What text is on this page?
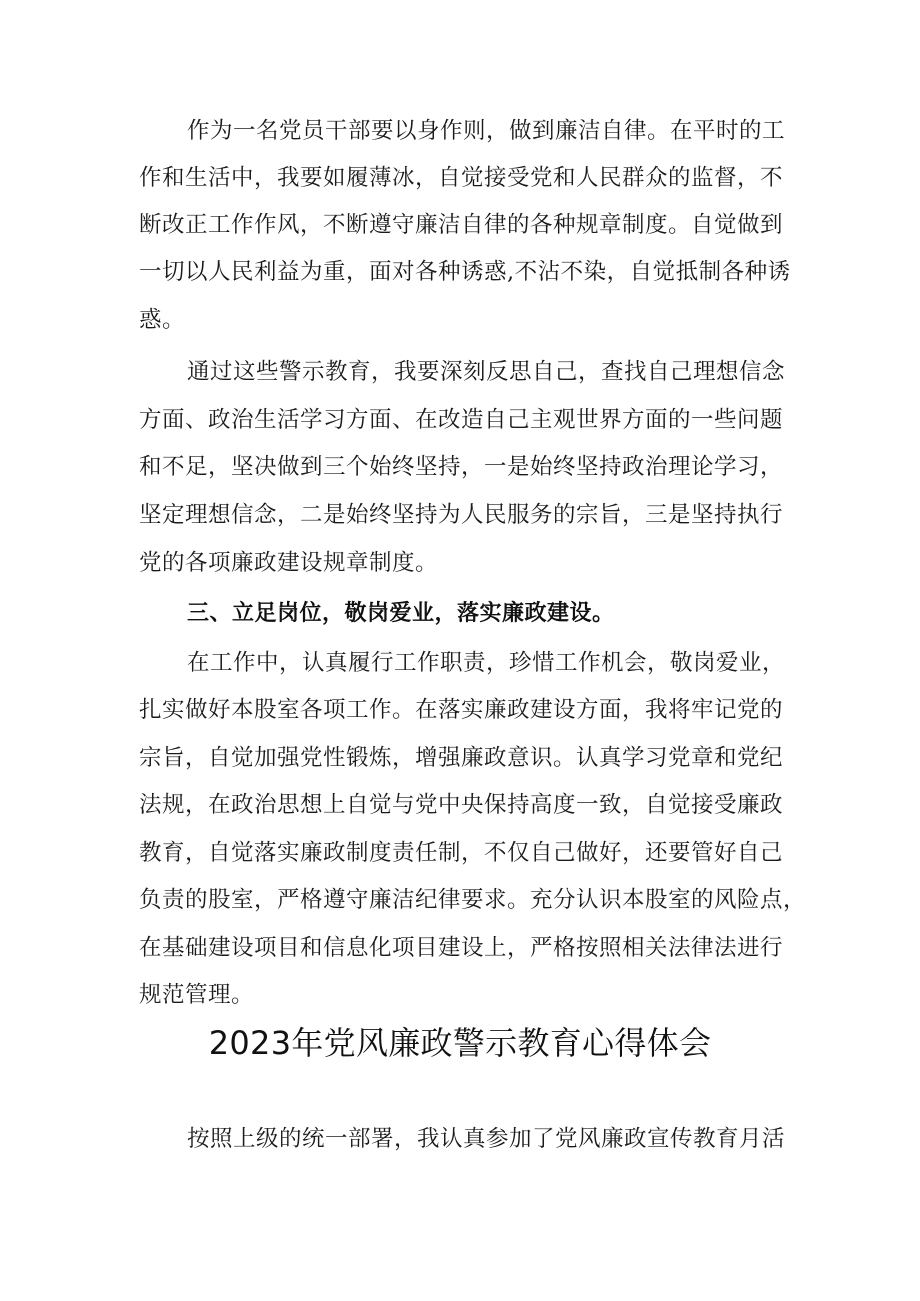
作为一名党员干部要以身作则，做到廉洁自律。在平时的工
作和生活中，我要如履薄冰，自觉接受党和人民群众的监督，不
断改正工作作风，不断遵守廉洁自律的各种规章制度。自觉做到
一切以人民利益为重，面对各种诱惑,不沾不染，自觉抵制各种诱
惑。
通过这些警示教育，我要深刻反思自己，查找自己理想信念
方面、政治生活学习方面、在改造自己主观世界方面的一些问题
和不足，坚决做到三个始终坚持，一是始终坚持政治理论学习，
坚定理想信念，二是始终坚持为人民服务的宗旨，三是坚持执行
党的各项廉政建设规章制度。
三、立足岗位，敬岗爱业，落实廉政建设。
在工作中，认真履行工作职责，珍惜工作机会，敬岗爱业，
扎实做好本股室各项工作。在落实廉政建设方面，我将牢记党的
宗旨，自觉加强党性锻炼，增强廉政意识。认真学习党章和党纪
法规，在政治思想上自觉与党中央保持高度一致，自觉接受廉政
教育，自觉落实廉政制度责任制，不仅自己做好，还要管好自己
负责的股室，严格遵守廉洁纪律要求。充分认识本股室的风险点，
在基础建设项目和信息化项目建设上，严格按照相关法律法进行
规范管理。
2023年党风廉政警示教育心得体会
按照上级的统一部署，我认真参加了党风廉政宣传教育月活
